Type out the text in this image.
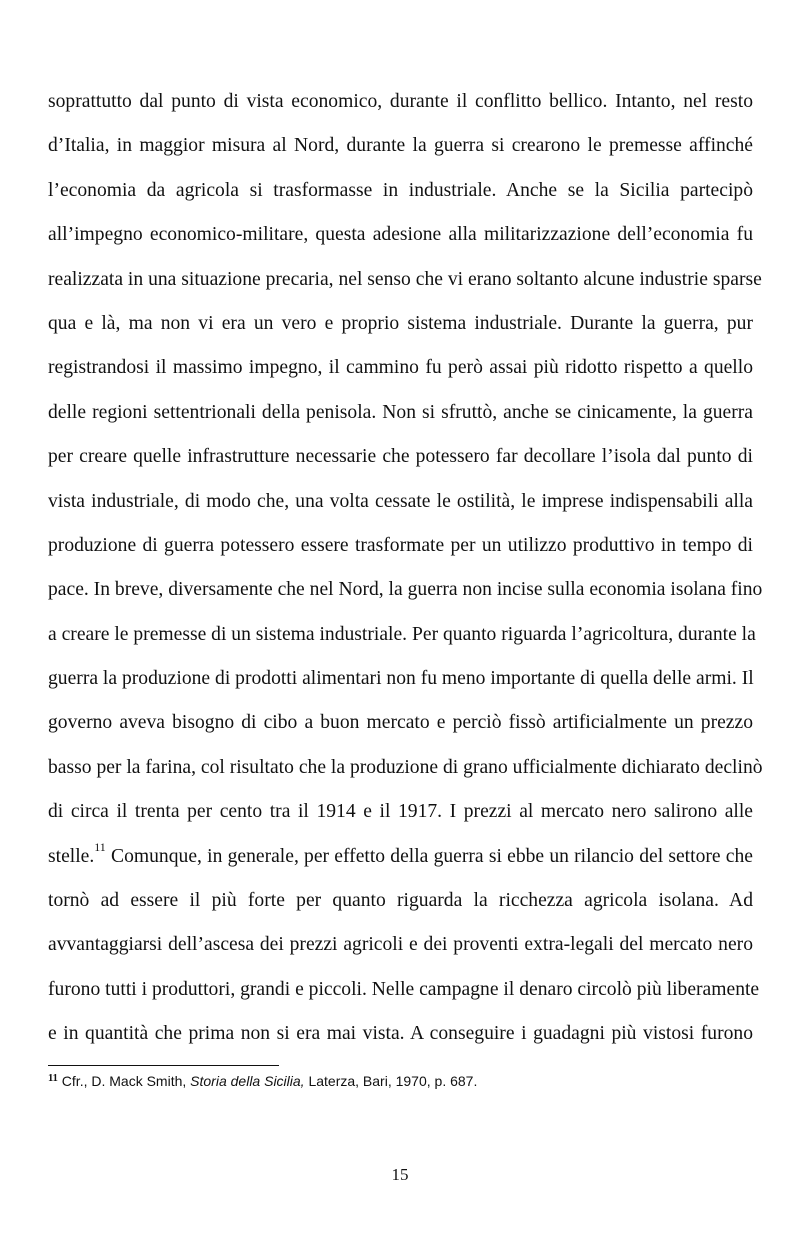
soprattutto dal punto di vista economico, durante il conflitto bellico. Intanto, nel resto
d’Italia, in maggior misura al Nord, durante la guerra si crearono le premesse affinché
l’economia da agricola si trasformasse in industriale. Anche se la Sicilia partecipò
all’impegno economico-militare, questa adesione alla militarizzazione dell’economia fu
realizzata in una situazione precaria, nel senso che vi erano soltanto alcune industrie sparse
qua e là, ma non vi era un vero e proprio sistema industriale. Durante la guerra, pur
registrandosi il massimo impegno, il cammino fu però assai più ridotto rispetto a quello
delle regioni settentrionali della penisola. Non si sfruttò, anche se cinicamente, la guerra
per creare quelle infrastrutture necessarie che potessero far decollare l’isola dal punto di
vista industriale, di modo che, una volta cessate le ostilità, le imprese indispensabili alla
produzione di guerra potessero essere trasformate per un utilizzo produttivo in tempo di
pace. In breve, diversamente che nel Nord, la guerra non incise sulla economia isolana fino
a creare le premesse di un sistema industriale. Per quanto riguarda l’agricoltura, durante la
guerra la produzione di prodotti alimentari non fu meno importante di quella delle armi. Il
governo aveva bisogno di cibo a buon mercato e perciò fissò artificialmente un prezzo
basso per la farina, col risultato che la produzione di grano ufficialmente dichiarato declinò
di circa il trenta per cento tra il 1914 e il 1917. I prezzi al mercato nero salirono alle
stelle.$^{11}$ Comunque, in generale, per effetto della guerra si ebbe un rilancio del settore che
tornò ad essere il più forte per quanto riguarda la ricchezza agricola isolana. Ad
avvantaggiarsi dell’ascesa dei prezzi agricoli e dei proventi extra-legali del mercato nero
furono tutti i produttori, grandi e piccoli. Nelle campagne il denaro circolò più liberamente
e in quantità che prima non si era mai vista. A conseguire i guadagni più vistosi furono
$^{11}$ Cfr., D. Mack Smith, Storia della Sicilia, Laterza, Bari, 1970, p. 687.
15
